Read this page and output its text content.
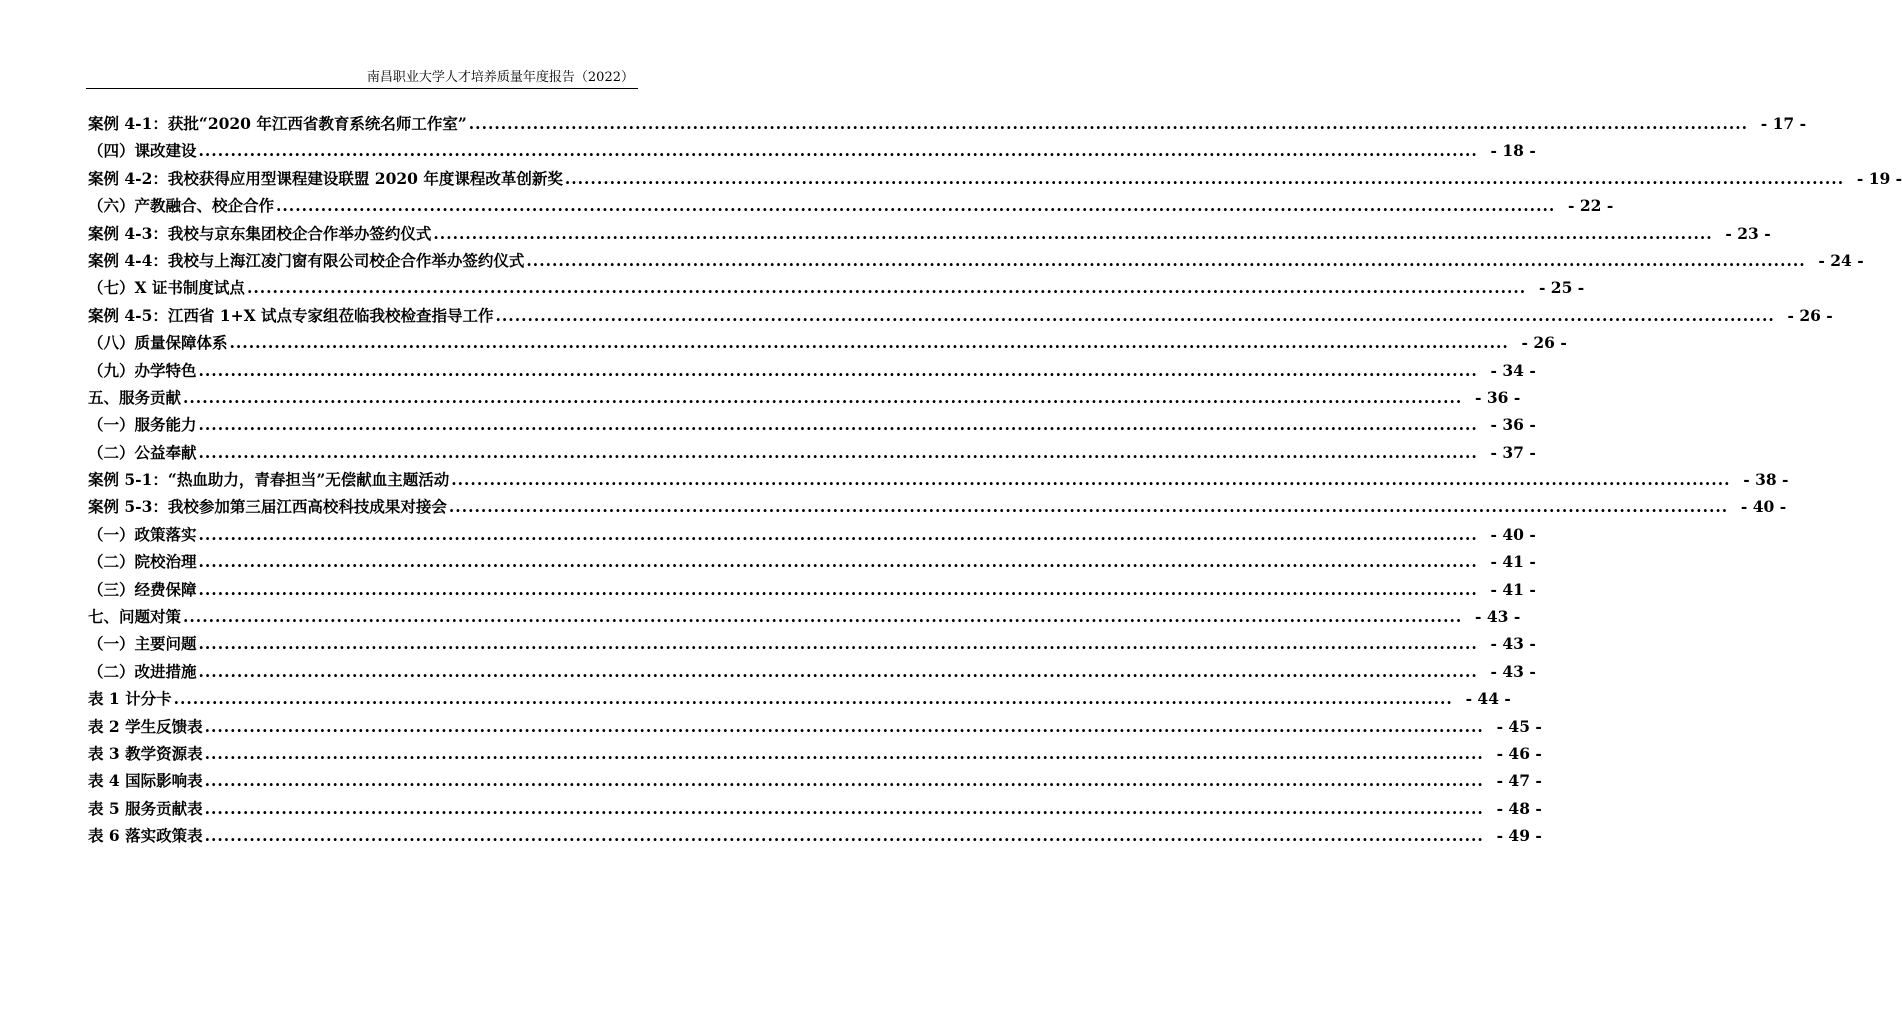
南昌职业大学人才培养质量年度报告（2022）
案例 4-1：获批“2020 年江西省教育系统名师工作室” ........................................................................................................................................................................................................ - 17 -
（四）课改建设 ........................................................................................................................................................................................................ - 18 -
案例 4-2：我校获得应用型课程建设联盟 2020 年度课程改革创新奖 ........................................................................................................................................................................................................ - 19 -
（六）产教融合、校企合作 ........................................................................................................................................................................................................ - 22 -
案例 4-3：我校与京东集团校企合作举办签约仪式 ........................................................................................................................................................................................................ - 23 -
案例 4-4：我校与上海江凌门窗有限公司校企合作举办签约仪式 ........................................................................................................................................................................................................ - 24 -
（七）X 证书制度试点 ........................................................................................................................................................................................................ - 25 -
案例 4-5：江西省 1+X 试点专家组莅临我校检查指导工作 ........................................................................................................................................................................................................ - 26 -
（八）质量保障体系 ........................................................................................................................................................................................................ - 26 -
（九）办学特色 ........................................................................................................................................................................................................ - 34 -
五、服务贡献 ........................................................................................................................................................................................................ - 36 -
（一）服务能力 ........................................................................................................................................................................................................ - 36 -
（二）公益奉献 ........................................................................................................................................................................................................ - 37 -
案例 5-1：“热血助力，青春担当”无偿献血主题活动 ........................................................................................................................................................................................................ - 38 -
案例 5-3：我校参加第三届江西高校科技成果对接会 ........................................................................................................................................................................................................ - 40 -
（一）政策落实 ........................................................................................................................................................................................................ - 40 -
（二）院校治理 ........................................................................................................................................................................................................ - 41 -
（三）经费保障 ........................................................................................................................................................................................................ - 41 -
七、问题对策 ........................................................................................................................................................................................................ - 43 -
（一）主要问题 ........................................................................................................................................................................................................ - 43 -
（二）改进措施 ........................................................................................................................................................................................................ - 43 -
表 1 计分卡 ........................................................................................................................................................................................................ - 44 -
表 2 学生反馈表 ........................................................................................................................................................................................................ - 45 -
表 3 教学资源表 ........................................................................................................................................................................................................ - 46 -
表 4 国际影响表 ........................................................................................................................................................................................................ - 47 -
表 5 服务贡献表 ........................................................................................................................................................................................................ - 48 -
表 6 落实政策表 ........................................................................................................................................................................................................ - 49 -
